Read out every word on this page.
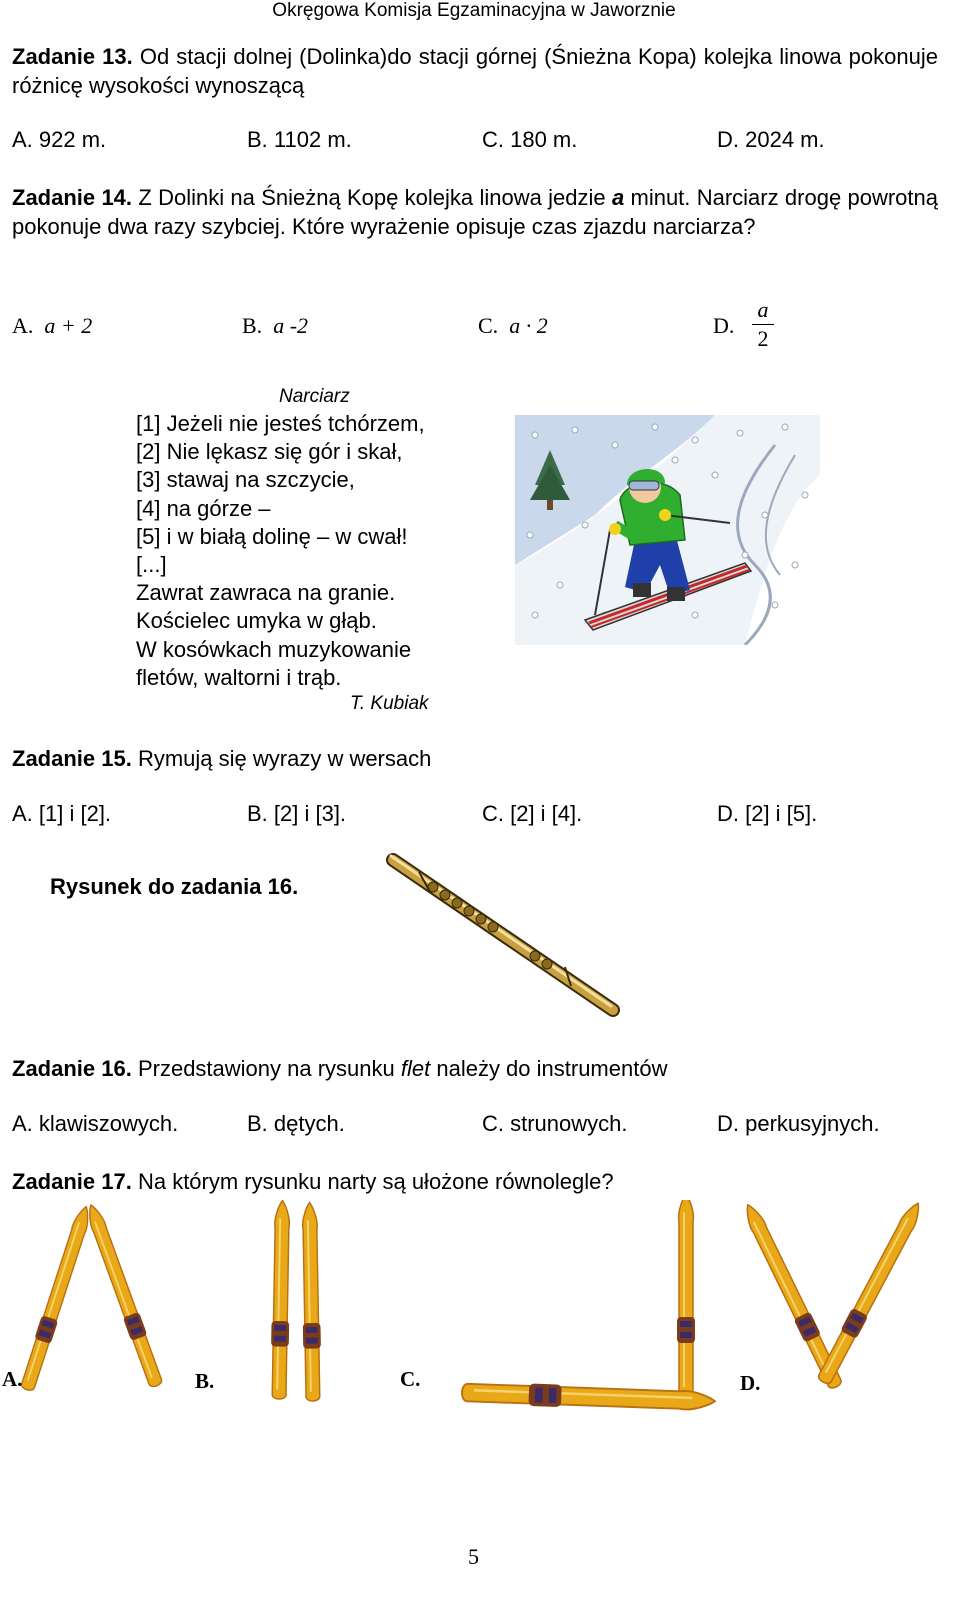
Okręgowa Komisja Egzaminacyjna w Jaworznie
Zadanie 13. Od stacji dolnej (Dolinka)do stacji górnej (Śnieżna Kopa) kolejka linowa pokonuje różnicę wysokości wynoszącą
A. 922 m.	B. 1102 m.	C. 180 m.	D. 2024 m.
Zadanie 14. Z Dolinki na Śnieżną Kopę kolejka linowa jedzie a minut. Narciarz drogę powrotną pokonuje dwa razy szybciej. Które wyrażenie opisuje czas zjazdu narciarza?
A. a + 2	B. a -2	C. a · 2	D.
a
2
Narciarz
[1] Jeżeli nie jesteś tchórzem,
[2] Nie lękasz się gór i skał,
[3] stawaj na szczycie,
[4] na górze –
[5] i w białą dolinę – w cwał!
[...]
Zawrat zawraca na granie.
Kościelec umyka w głąb.
W kosówkach muzykowanie
fletów, waltorni i trąb.
T. Kubiak
Zadanie 15. Rymują się wyrazy w wersach
A. [1] i [2].	B. [2] i [3].	C. [2] i [4].	D. [2] i [5].
Rysunek do zadania 16.
Zadanie 16. Przedstawiony na rysunku flet należy do instrumentów
A. klawiszowych.	B. dętych.	C. strunowych.	D. perkusyjnych.
Zadanie 17. Na którym rysunku narty są ułożone równolegle?
A.	B.	C.	D.
5
